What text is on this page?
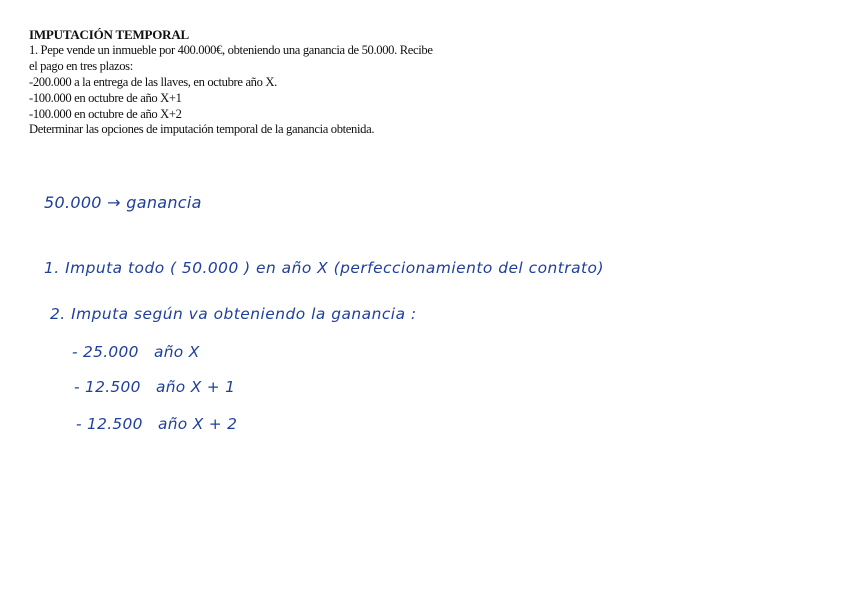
IMPUTACIÓN TEMPORAL
1. Pepe vende un inmueble por 400.000€, obteniendo una ganancia de 50.000. Recibe
el pago en tres plazos:
-200.000 a la entrega de las llaves, en octubre año X.
-100.000 en octubre de año X+1
-100.000 en octubre de año X+2
Determinar las opciones de imputación temporal de la ganancia obtenida.
50.000 → ganancia
1. Imputa todo ( 50.000 ) en año X (perfeccionamiento del contrato)
2. Imputa según va obteniendo la ganancia :
- 25.000 año X
- 12.500 año X + 1
- 12.500 año X + 2
